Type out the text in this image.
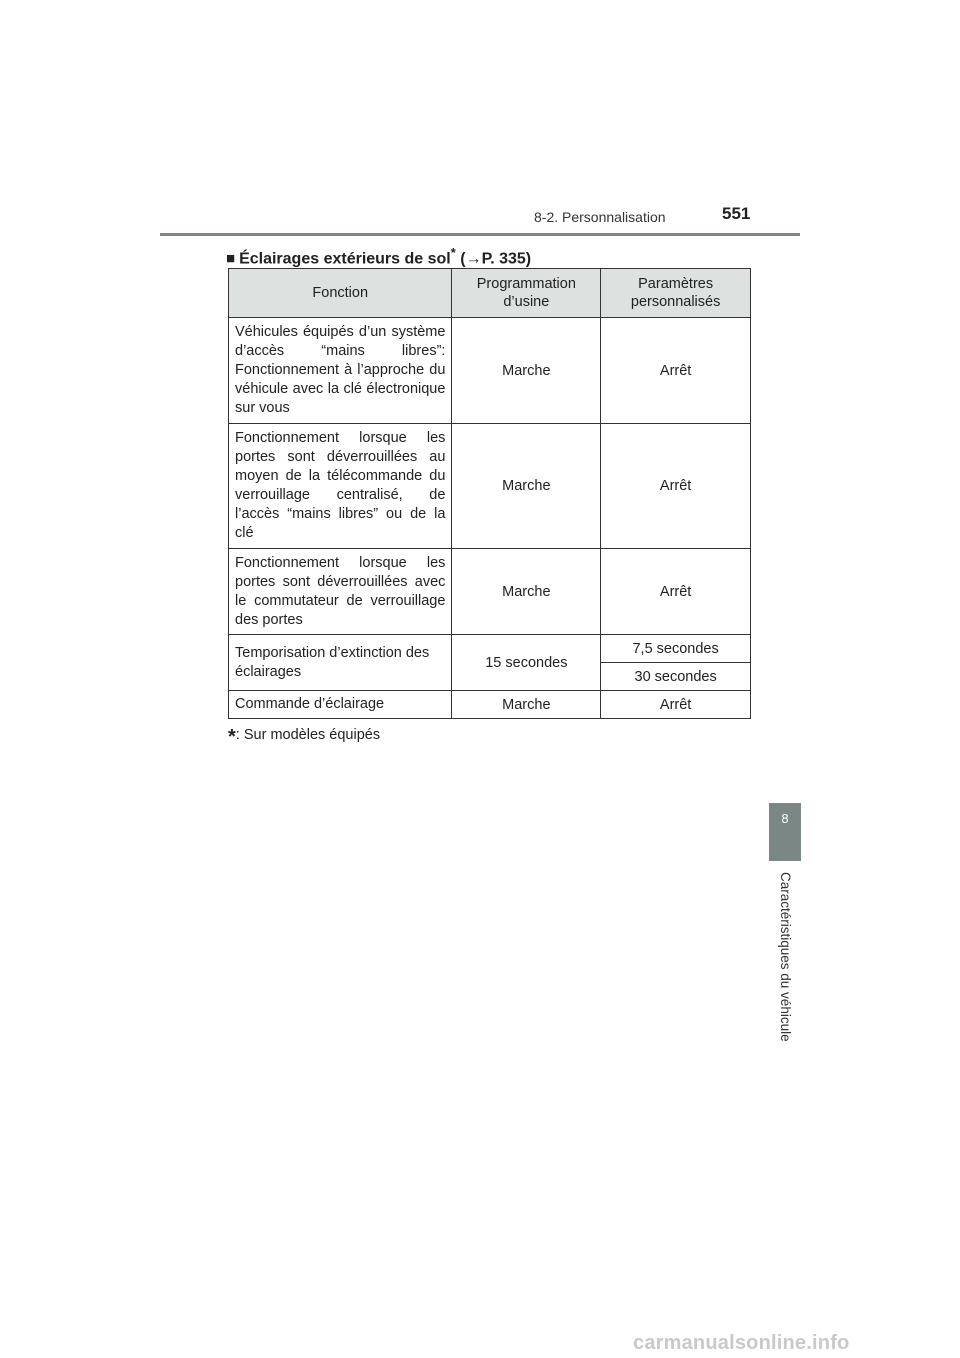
8-2. Personnalisation	551
8
Caractéristiques du véhicule
■ Éclairages extérieurs de sol* (→P. 335)
Fonction	Programmation d’usine	Paramètres personnalisés
Véhicules équipés d’un système d’accès “mains libres”: Fonctionnement à l’approche du véhicule avec la clé électronique sur vous	Marche	Arrêt
Fonctionnement lorsque les portes sont déverrouillées au moyen de la télécommande du verrouillage centralisé, de l’accès “mains libres” ou de la clé	Marche	Arrêt
Fonctionnement lorsque les portes sont déverrouillées avec le commutateur de verrouillage des portes	Marche	Arrêt
Temporisation d’extinction des éclairages	15 secondes	7,5 secondes
		30 secondes
Commande d’éclairage	Marche	Arrêt
*: Sur modèles équipés
carmanualsonline.info
